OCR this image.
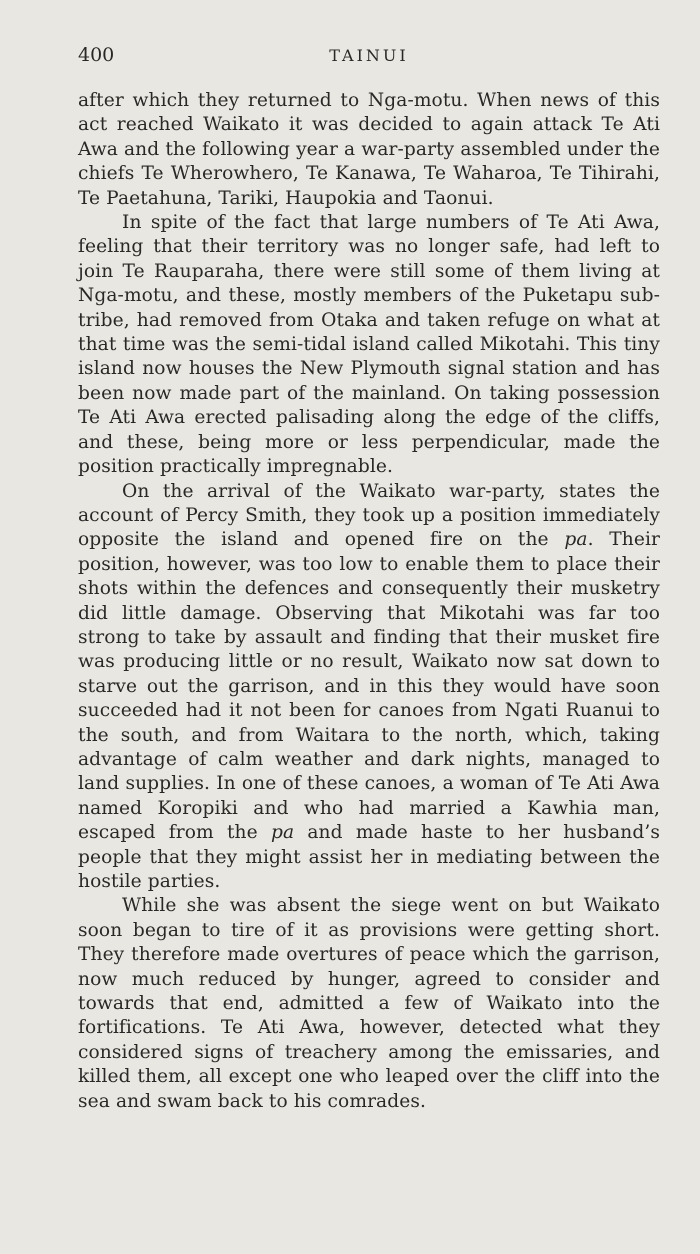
400	TAINUI

after which they returned to Nga-motu. When news of this act reached Waikato it was decided to again attack Te Ati Awa and the following year a war-party assembled under the chiefs Te Wherowhero, Te Kanawa, Te Waharoa, Te Tihirahi, Te Paetahuna, Tariki, Haupokia and Taonui.

In spite of the fact that large numbers of Te Ati Awa, feeling that their territory was no longer safe, had left to join Te Rauparaha, there were still some of them living at Nga-motu, and these, mostly members of the Puketapu sub-tribe, had removed from Otaka and taken refuge on what at that time was the semi-tidal island called Mikotahi. This tiny island now houses the New Plymouth signal station and has been now made part of the mainland. On taking possession Te Ati Awa erected palisading along the edge of the cliffs, and these, being more or less perpendicular, made the position practically impregnable.

On the arrival of the Waikato war-party, states the account of Percy Smith, they took up a position immediately opposite the island and opened fire on the pa. Their position, however, was too low to enable them to place their shots within the defences and consequently their musketry did little damage. Observing that Mikotahi was far too strong to take by assault and finding that their musket fire was producing little or no result, Waikato now sat down to starve out the garrison, and in this they would have soon succeeded had it not been for canoes from Ngati Ruanui to the south, and from Waitara to the north, which, taking advantage of calm weather and dark nights, managed to land supplies. In one of these canoes, a woman of Te Ati Awa named Koropiki and who had married a Kawhia man, escaped from the pa and made haste to her husband’s people that they might assist her in mediating between the hostile parties.

While she was absent the siege went on but Waikato soon began to tire of it as provisions were getting short. They therefore made overtures of peace which the garrison, now much reduced by hunger, agreed to consider and towards that end, admitted a few of Waikato into the fortifications. Te Ati Awa, however, detected what they considered signs of treachery among the emissaries, and killed them, all except one who leaped over the cliff into the sea and swam back to his comrades.
